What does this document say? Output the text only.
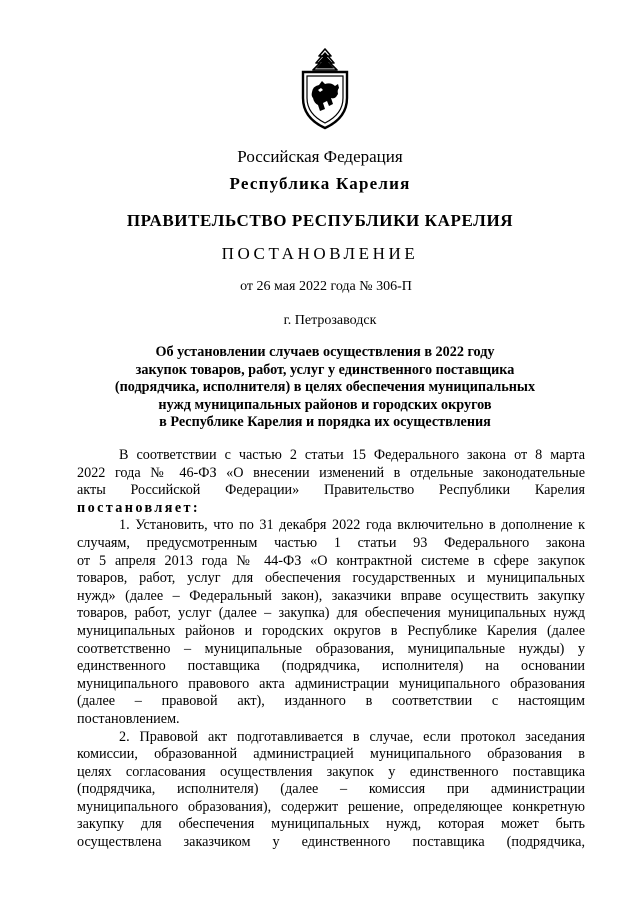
Российская Федерация
Республика Карелия
ПРАВИТЕЛЬСТВО РЕСПУБЛИКИ КАРЕЛИЯ
ПОСТАНОВЛЕНИЕ
от 26 мая 2022 года № 306-П
г. Петрозаводск
Об установлении случаев осуществления в 2022 году
закупок товаров, работ, услуг у единственного поставщика
(подрядчика, исполнителя) в целях обеспечения муниципальных
нужд муниципальных районов и городских округов
в Республике Карелия и порядка их осуществления
В соответствии с частью 2 статьи 15 Федерального закона от 8 марта
2022 года № 46-ФЗ «О внесении изменений в отдельные законодательные
акты Российской Федерации» Правительство Республики Карелия
постановляет:
1. Установить, что по 31 декабря 2022 года включительно в дополнение к
случаям, предусмотренным частью 1 статьи 93 Федерального закона
от 5 апреля 2013 года № 44-ФЗ «О контрактной системе в сфере закупок
товаров, работ, услуг для обеспечения государственных и муниципальных
нужд» (далее – Федеральный закон), заказчики вправе осуществить закупку
товаров, работ, услуг (далее – закупка) для обеспечения муниципальных нужд
муниципальных районов и городских округов в Республике Карелия (далее
соответственно – муниципальные образования, муниципальные нужды) у
единственного поставщика (подрядчика, исполнителя) на основании
муниципального правового акта администрации муниципального образования
(далее – правовой акт), изданного в соответствии с настоящим
постановлением.
2. Правовой акт подготавливается в случае, если протокол заседания
комиссии, образованной администрацией муниципального образования в
целях согласования осуществления закупок у единственного поставщика
(подрядчика, исполнителя) (далее – комиссия при администрации
муниципального образования), содержит решение, определяющее конкретную
закупку для обеспечения муниципальных нужд, которая может быть
осуществлена заказчиком у единственного поставщика (подрядчика,
